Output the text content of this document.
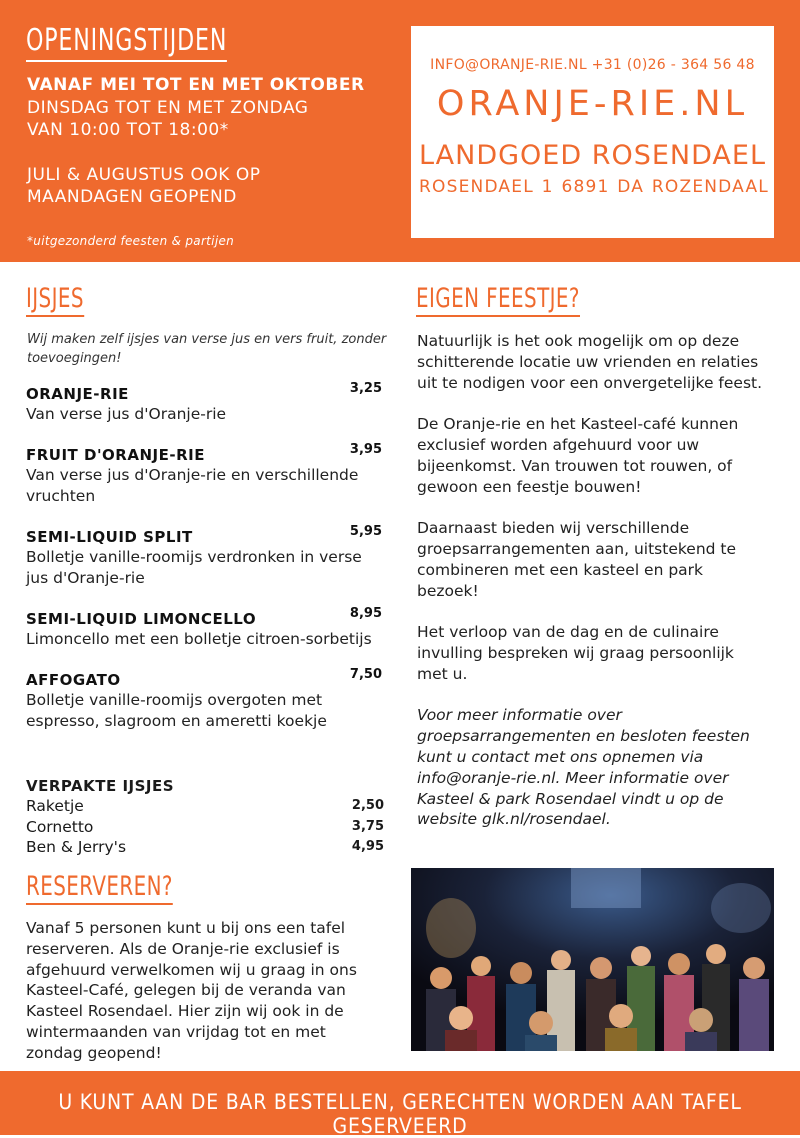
OPENINGSTIJDEN
VANAF MEI TOT EN MET OKTOBER
DINSDAG TOT EN MET ZONDAG
VAN 10:00 TOT 18:00*
JULI & AUGUSTUS OOK OP
MAANDAGEN GEOPEND
*uitgezonderd feesten & partijen
INFO@ORANJE-RIE.NL +31 (0)26 - 364 56 48
ORANJE-RIE.NL
LANDGOED ROSENDAEL
ROSENDAEL 1 6891 DA ROZENDAAL
IJSJES
Wij maken zelf ijsjes van verse jus en vers fruit, zonder toevoegingen!
ORANJE-RIE	3,25
Van verse jus d'Oranje-rie
FRUIT D'ORANJE-RIE	3,95
Van verse jus d'Oranje-rie en verschillende vruchten
SEMI-LIQUID SPLIT	5,95
Bolletje vanille-roomijs verdronken in verse jus d'Oranje-rie
SEMI-LIQUID LIMONCELLO	8,95
Limoncello met een bolletje citroen-sorbetijs
AFFOGATO	7,50
Bolletje vanille-roomijs overgoten met espresso, slagroom en ameretti koekje
VERPAKTE IJSJES
Raketje	2,50
Cornetto	3,75
Ben & Jerry's	4,95
RESERVEREN?
Vanaf 5 personen kunt u bij ons een tafel reserveren. Als de Oranje-rie exclusief is afgehuurd verwelkomen wij u graag in ons Kasteel-Café, gelegen bij de veranda van Kasteel Rosendael. Hier zijn wij ook in de wintermaanden van vrijdag tot en met zondag geopend!
EIGEN FEESTJE?

Natuurlijk is het ook mogelijk om op deze schitterende locatie uw vrienden en relaties uit te nodigen voor een onvergetelijke feest.

De Oranje-rie en het Kasteel-café kunnen exclusief worden afgehuurd voor uw bijeenkomst. Van trouwen tot rouwen, of gewoon een feestje bouwen!

Daarnaast bieden wij verschillende groepsarrangementen aan, uitstekend te combineren met een kasteel en park bezoek!

Het verloop van de dag en de culinaire invulling bespreken wij graag persoonlijk met u.

Voor meer informatie over groepsarrangementen en besloten feesten kunt u contact met ons opnemen via info@oranje-rie.nl. Meer informatie over Kasteel & park Rosendael vindt u op de website glk.nl/rosendael.

U KUNT AAN DE BAR BESTELLEN, GERECHTEN WORDEN AAN TAFEL GESERVEERD
